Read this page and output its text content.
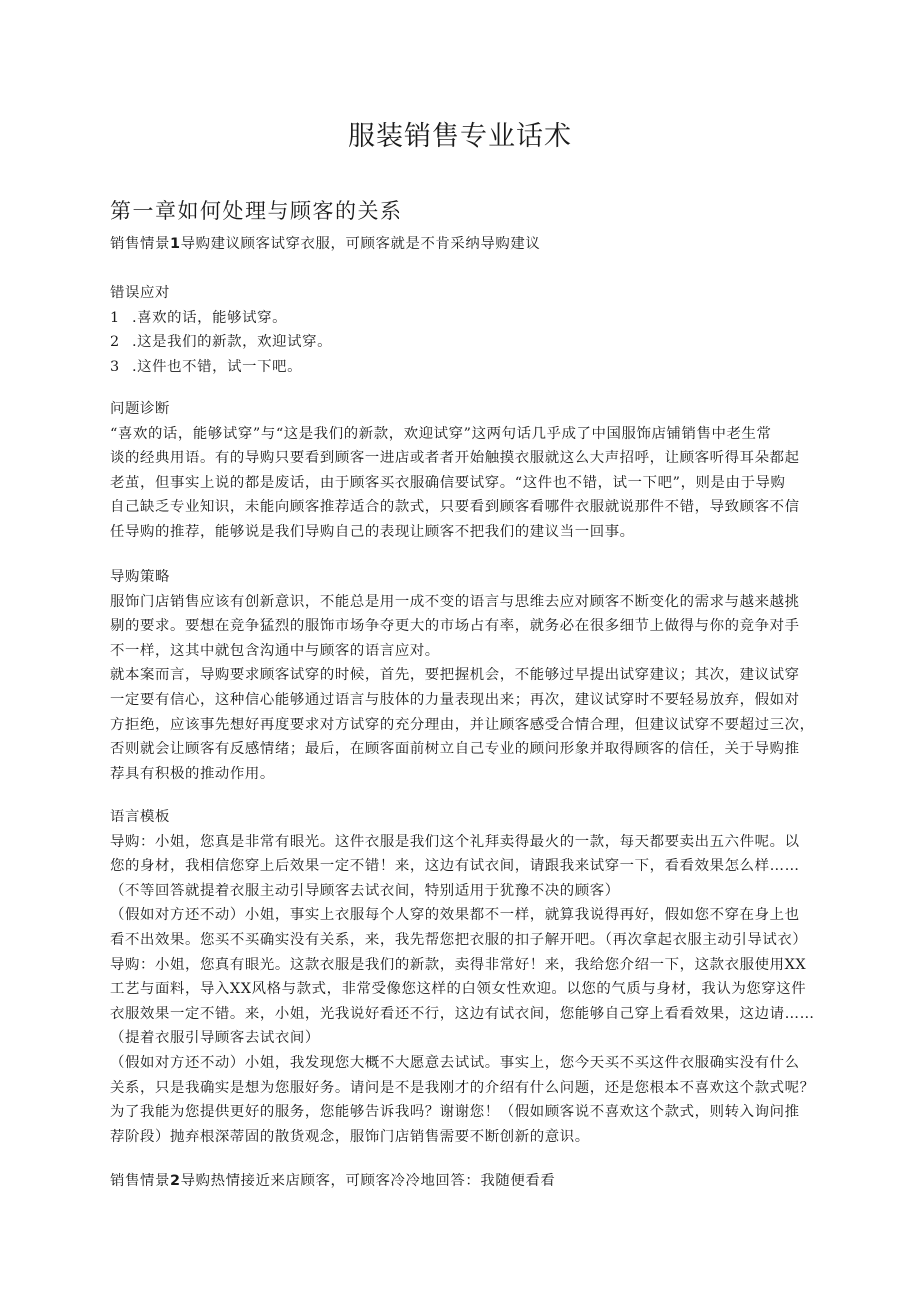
服装销售专业话术
第一章如何处理与顾客的关系
销售情景1导购建议顾客试穿衣服，可顾客就是不肯采纳导购建议
错误应对
1 .喜欢的话，能够试穿。
2 .这是我们的新款，欢迎试穿。
3 .这件也不错，试一下吧。
问题诊断
“喜欢的话，能够试穿”与“这是我们的新款，欢迎试穿”这两句话几乎成了中国服饰店铺销售中老生常
谈的经典用语。有的导购只要看到顾客一进店或者者开始触摸衣服就这么大声招呼，让顾客听得耳朵都起
老茧，但事实上说的都是废话，由于顾客买衣服确信要试穿。“这件也不错，试一下吧”，则是由于导购
自己缺乏专业知识，未能向顾客推荐适合的款式，只要看到顾客看哪件衣服就说那件不错，导致顾客不信
任导购的推荐，能够说是我们导购自己的表现让顾客不把我们的建议当一回事。
导购策略
服饰门店销售应该有创新意识，不能总是用一成不变的语言与思维去应对顾客不断变化的需求与越来越挑
剔的要求。要想在竞争猛烈的服饰市场争夺更大的市场占有率，就务必在很多细节上做得与你的竞争对手
不一样，这其中就包含沟通中与顾客的语言应对。
就本案而言，导购要求顾客试穿的时候，首先，要把握机会，不能够过早提出试穿建议；其次，建议试穿
一定要有信心，这种信心能够通过语言与肢体的力量表现出来；再次，建议试穿时不要轻易放弃，假如对
方拒绝，应该事先想好再度要求对方试穿的充分理由，并让顾客感受合情合理，但建议试穿不要超过三次，
否则就会让顾客有反感情绪；最后，在顾客面前树立自己专业的顾问形象并取得顾客的信任，关于导购推
荐具有积极的推动作用。
语言模板
导购：小姐，您真是非常有眼光。这件衣服是我们这个礼拜卖得最火的一款，每天都要卖出五六件呢。以
您的身材，我相信您穿上后效果一定不错！来，这边有试衣间，请跟我来试穿一下，看看效果怎么样……
（不等回答就提着衣服主动引导顾客去试衣间，特别适用于犹豫不决的顾客）
（假如对方还不动）小姐，事实上衣服每个人穿的效果都不一样，就算我说得再好，假如您不穿在身上也
看不出效果。您买不买确实没有关系，来，我先帮您把衣服的扣子解开吧。（再次拿起衣服主动引导试衣）
导购：小姐，您真有眼光。这款衣服是我们的新款，卖得非常好！来，我给您介绍一下，这款衣服使用XX
工艺与面料，导入XX风格与款式，非常受像您这样的白领女性欢迎。以您的气质与身材，我认为您穿这件
衣服效果一定不错。来，小姐，光我说好看还不行，这边有试衣间，您能够自己穿上看看效果，这边请……
（提着衣服引导顾客去试衣间）
（假如对方还不动）小姐，我发现您大概不大愿意去试试。事实上，您今天买不买这件衣服确实没有什么
关系，只是我确实是想为您服好务。请问是不是我刚才的介绍有什么问题，还是您根本不喜欢这个款式呢？
为了我能为您提供更好的服务，您能够告诉我吗？谢谢您！（假如顾客说不喜欢这个款式，则转入询问推
荐阶段）抛弃根深蒂固的散货观念，服饰门店销售需要不断创新的意识。
销售情景2导购热情接近来店顾客，可顾客冷冷地回答：我随便看看
